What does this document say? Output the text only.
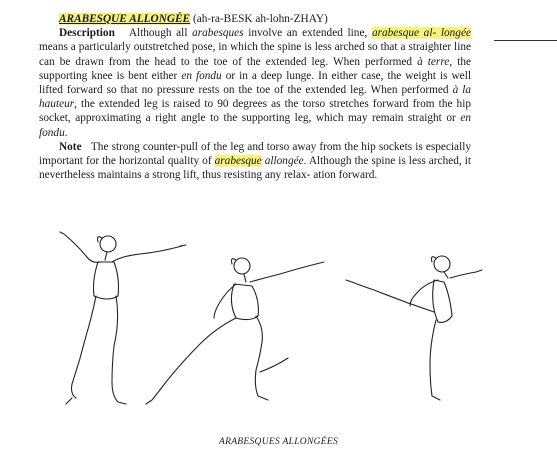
ARABESQUE ALLONGÉE (ah-ra-BESK ah-lohn-ZHAY)

Description Although all arabesques involve an extended line, arabesque al- longée means a particularly outstretched pose, in which the spine is less arched so that a straighter line can be drawn from the head to the toe of the extended leg. When performed à terre, the supporting knee is bent either en fondu or in a deep lunge. In either case, the weight is well lifted forward so that no pressure rests on the toe of the extended leg. When performed à la hauteur, the extended leg is raised to 90 degrees as the torso stretches forward from the hip socket, approximating a right angle to the supporting leg, which may remain straight or en fondu.

Note The strong counter-pull of the leg and torso away from the hip sockets is especially important for the horizontal quality of arabesque allongée. Although the spine is less arched, it nevertheless maintains a strong lift, thus resisting any relax- ation forward.

ARABESQUES ALLONGÉES
